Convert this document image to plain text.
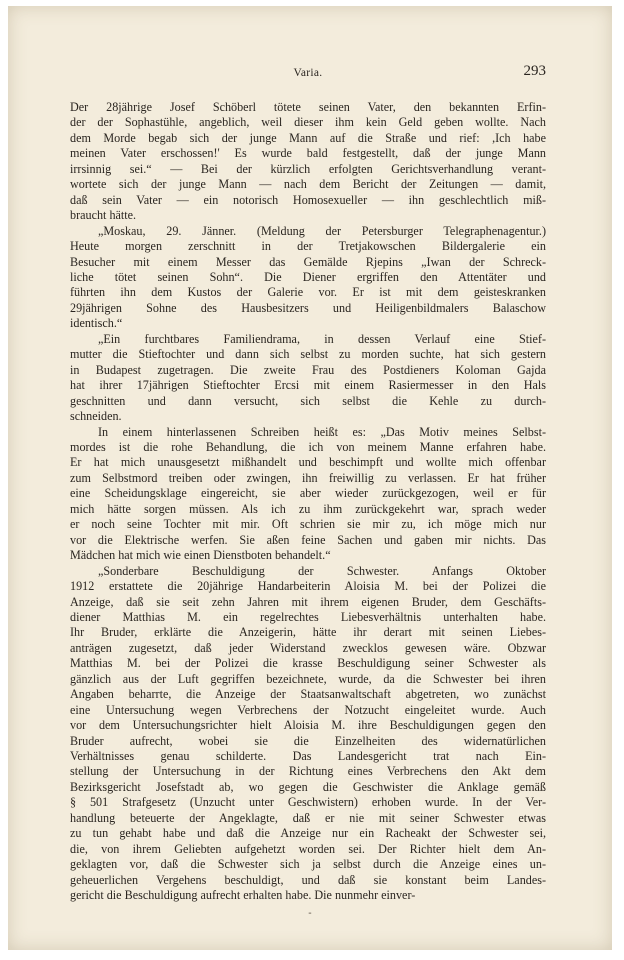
Varia.	293
Der 28jährige Josef Schöberl tötete seinen Vater, den bekannten Erfin-
der der Sophastühle, angeblich, weil dieser ihm kein Geld geben wollte. Nach
dem Morde begab sich der junge Mann auf die Straße und rief: ,Ich habe
meinen Vater erschossen!' Es wurde bald festgestellt, daß der junge Mann
irrsinnig sei.“ — Bei der kürzlich erfolgten Gerichtsverhandlung verant-
wortete sich der junge Mann — nach dem Bericht der Zeitungen — damit,
daß sein Vater — ein notorisch Homosexueller — ihn geschlechtlich miß-
braucht hätte.
„Moskau, 29. Jänner. (Meldung der Petersburger Telegraphenagentur.)
Heute morgen zerschnitt in der Tretjakowschen Bildergalerie ein
Besucher mit einem Messer das Gemälde Rjepins „Iwan der Schreck-
liche tötet seinen Sohn“. Die Diener ergriffen den Attentäter und
führten ihn dem Kustos der Galerie vor. Er ist mit dem geisteskranken
29jährigen Sohne des Hausbesitzers und Heiligenbildmalers Balaschow
identisch.“
„Ein furchtbares Familiendrama, in dessen Verlauf eine Stief-
mutter die Stieftochter und dann sich selbst zu morden suchte, hat sich gestern
in Budapest zugetragen. Die zweite Frau des Postdieners Koloman Gajda
hat ihrer 17jährigen Stieftochter Ercsi mit einem Rasiermesser in den Hals
geschnitten und dann versucht, sich selbst die Kehle zu durch-
schneiden.
In einem hinterlassenen Schreiben heißt es: „Das Motiv meines Selbst-
mordes ist die rohe Behandlung, die ich von meinem Manne erfahren habe.
Er hat mich unausgesetzt mißhandelt und beschimpft und wollte mich offenbar
zum Selbstmord treiben oder zwingen, ihn freiwillig zu verlassen. Er hat früher
eine Scheidungsklage eingereicht, sie aber wieder zurückgezogen, weil er für
mich hätte sorgen müssen. Als ich zu ihm zurückgekehrt war, sprach weder
er noch seine Tochter mit mir. Oft schrien sie mir zu, ich möge mich nur
vor die Elektrische werfen. Sie aßen feine Sachen und gaben mir nichts. Das
Mädchen hat mich wie einen Dienstboten behandelt.“
„Sonderbare Beschuldigung der Schwester. Anfangs Oktober
1912 erstattete die 20jährige Handarbeiterin Aloisia M. bei der Polizei die
Anzeige, daß sie seit zehn Jahren mit ihrem eigenen Bruder, dem Geschäfts-
diener Matthias M. ein regelrechtes Liebesverhältnis unterhalten habe.
Ihr Bruder, erklärte die Anzeigerin, hätte ihr derart mit seinen Liebes-
anträgen zugesetzt, daß jeder Widerstand zwecklos gewesen wäre. Obzwar
Matthias M. bei der Polizei die krasse Beschuldigung seiner Schwester als
gänzlich aus der Luft gegriffen bezeichnete, wurde, da die Schwester bei ihren
Angaben beharrte, die Anzeige der Staatsanwaltschaft abgetreten, wo zunächst
eine Untersuchung wegen Verbrechens der Notzucht eingeleitet wurde. Auch
vor dem Untersuchungsrichter hielt Aloisia M. ihre Beschuldigungen gegen den
Bruder aufrecht, wobei sie die Einzelheiten des widernatürlichen
Verhältnisses genau schilderte. Das Landesgericht trat nach Ein-
stellung der Untersuchung in der Richtung eines Verbrechens den Akt dem
Bezirksgericht Josefstadt ab, wo gegen die Geschwister die Anklage gemäß
§ 501 Strafgesetz (Unzucht unter Geschwistern) erhoben wurde. In der Ver-
handlung beteuerte der Angeklagte, daß er nie mit seiner Schwester etwas
zu tun gehabt habe und daß die Anzeige nur ein Racheakt der Schwester sei,
die, von ihrem Geliebten aufgehetzt worden sei. Der Richter hielt dem An-
geklagten vor, daß die Schwester sich ja selbst durch die Anzeige eines un-
geheuerlichen Vergehens beschuldigt, und daß sie konstant beim Landes-
gericht die Beschuldigung aufrecht erhalten habe. Die nunmehr einver-
-
